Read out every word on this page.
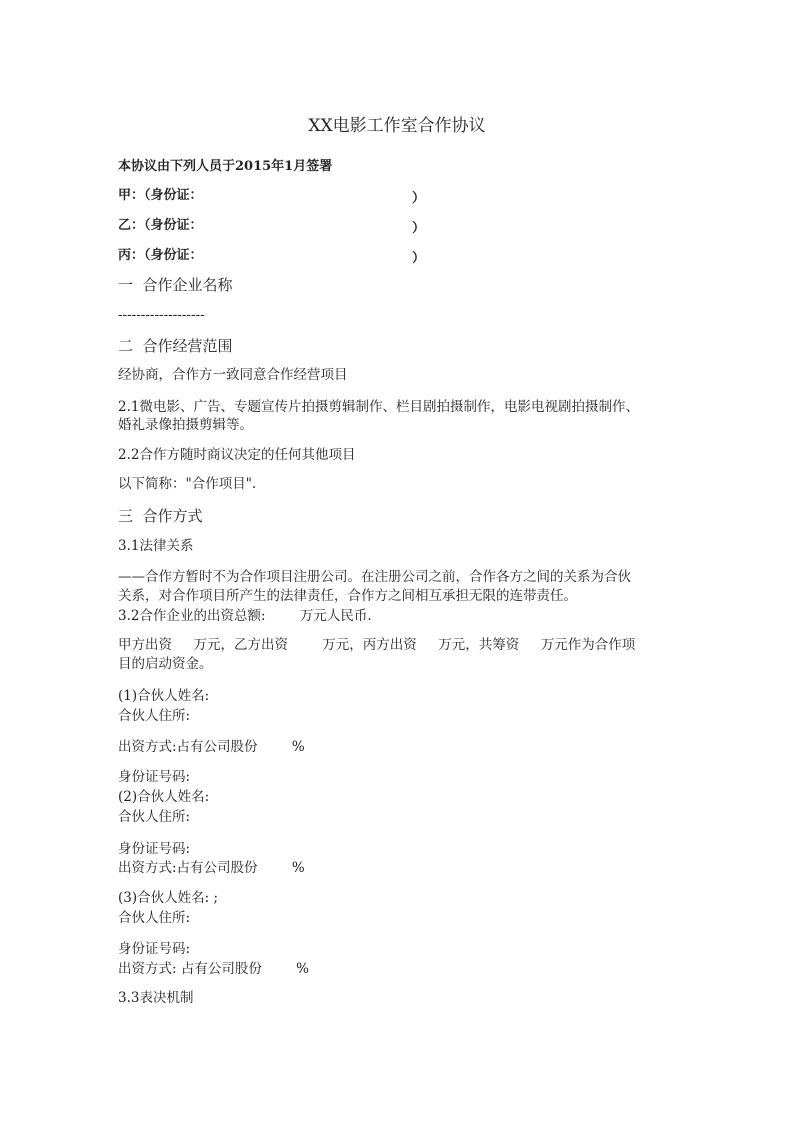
XX电影工作室合作协议
本协议由下列人员于2015年1月签署
甲：（身份证：	）
乙：（身份证：	）
丙：（身份证：	）
一  合作企业名称
-------------------
二  合作经营范围
经协商，合作方一致同意合作经营项目
2.1微电影、广告、专题宣传片拍摄剪辑制作、栏目剧拍摄制作，电影电视剧拍摄制作、
婚礼录像拍摄剪辑等。
2.2合作方随时商议决定的任何其他项目
以下简称："合作项目".
三  合作方式
3.1法律关系
——合作方暂时不为合作项目注册公司。在注册公司之前，合作各方之间的关系为合伙
关系，对合作项目所产生的法律责任，合作方之间相互承担无限的连带责任。
3.2合作企业的出资总额:        万元人民币.
甲方出资     万元，乙方出资        万元，丙方出资     万元，共筹资     万元作为合作项
目的启动资金。
(1)合伙人姓名:
合伙人住所:
出资方式:占有公司股份        %
身份证号码:
(2)合伙人姓名:
合伙人住所:
身份证号码:
出资方式:占有公司股份        %
(3)合伙人姓名: ;
合伙人住所:
身份证号码:
出资方式: 占有公司股份        %
3.3表决机制
